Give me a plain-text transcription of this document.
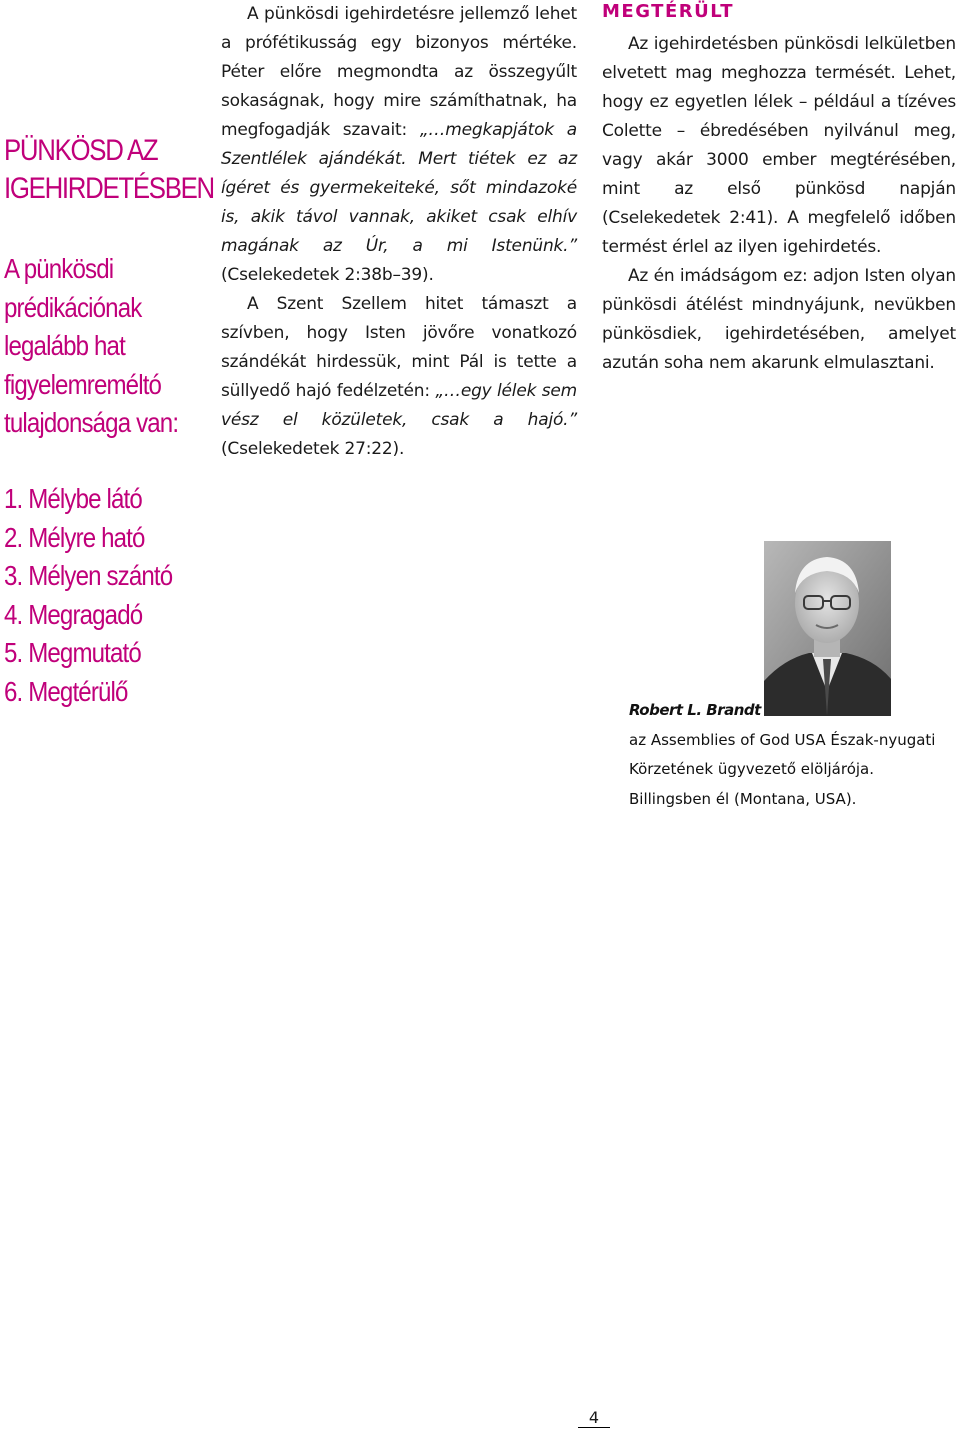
PÜNKÖSD AZ
IGEHIRDETÉSBEN
A pünkösdi
prédikációnak
legalább hat
figyelemreméltó
tulajdonsága van:
1. Mélybe látó
2. Mélyre ható
3. Mélyen szántó
4. Megragadó
5. Megmutató
6. Megtérülő

A pünkösdi igehirdetésre jellemző lehet a prófétikusság egy bizonyos mértéke. Péter előre megmondta az összegyűlt sokaságnak, hogy mire számíthatnak, ha megfogadják szavait: „…megkapjátok a Szentlélek ajándékát. Mert tiétek ez az ígéret és gyermekeiteké, sőt mindazoké is, akik távol vannak, akiket csak elhív magának az Úr, a mi Istenünk.” (Cselekedetek 2:38b–39).

A Szent Szellem hitet támaszt a szívben, hogy Isten jövőre vonatkozó szándékát hirdessük, mint Pál is tette a süllyedő hajó fedélzetén: „…egy lélek sem vész el közületek, csak a hajó.” (Cselekedetek 27:22).

MEGTÉRÜLT

Az igehirdetésben pünkösdi lelkületben elvetett mag meghozza termését. Lehet, hogy ez egyetlen lélek – például a tízéves Colette – ébredésében nyilvánul meg, vagy akár 3000 ember megtérésében, mint az első pünkösd napján (Cselekedetek 2:41). A megfelelő időben termést érlel az ilyen igehirdetés.

Az én imádságom ez: adjon Isten olyan pünkösdi átélést mindnyájunk, nevükben pünkösdiek, igehirdetésében, amelyet azután soha nem akarunk elmulasztani.

Robert L. Brandt
az Assemblies of God USA Észak-nyugati
Körzetének ügyvezető elöljárója.
Billingsben él (Montana, USA).
4
